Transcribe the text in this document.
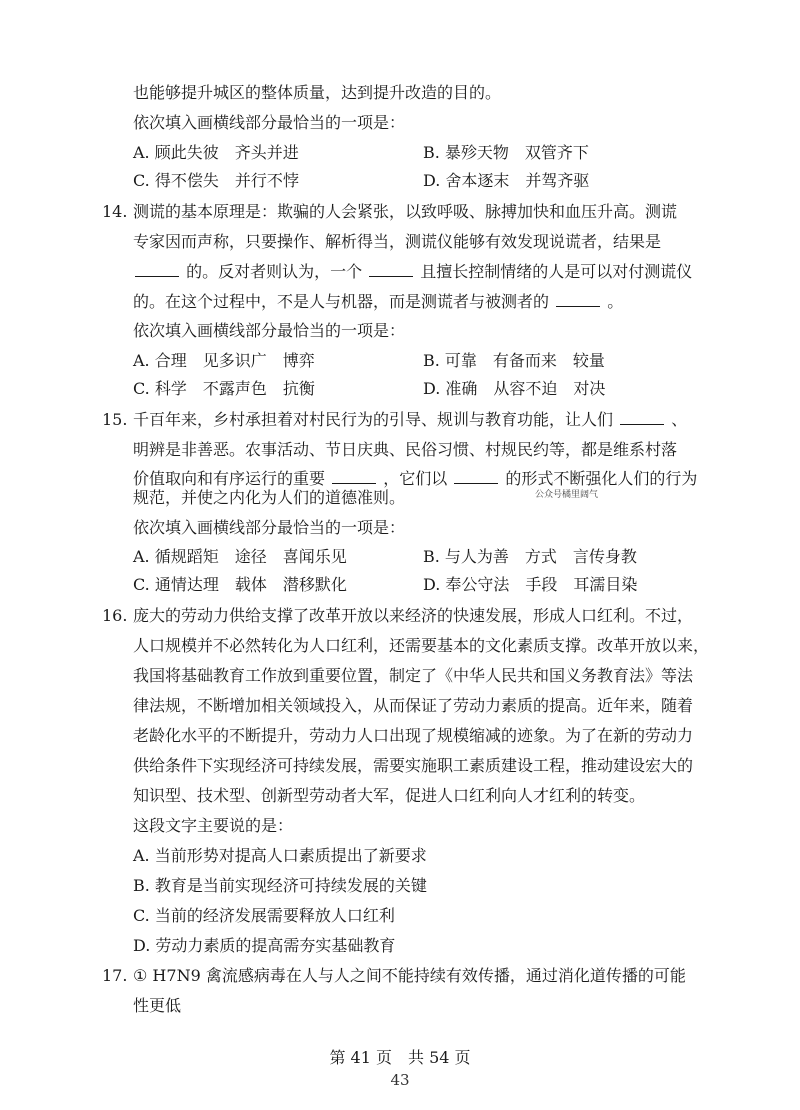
也能够提升城区的整体质量，达到提升改造的目的。
依次填入画横线部分最恰当的一项是：
A. 顾此失彼　齐头并进	B. 暴殄天物　双管齐下
C. 得不偿失　并行不悖	D. 舍本逐末　并驾齐驱
14. 测谎的基本原理是：欺骗的人会紧张，以致呼吸、脉搏加快和血压升高。测谎
专家因而声称，只要操作、解析得当，测谎仪能够有效发现说谎者，结果是
的。反对者则认为，一个	且擅长控制情绪的人是可以对付测谎仪
的。在这个过程中，不是人与机器，而是测谎者与被测者的	。
依次填入画横线部分最恰当的一项是：
A. 合理　见多识广　博弈	B. 可靠　有备而来　较量
C. 科学　不露声色　抗衡	D. 准确　从容不迫　对决
15. 千百年来，乡村承担着对村民行为的引导、规训与教育功能，让人们	、
明辨是非善恶。农事活动、节日庆典、民俗习惯、村规民约等，都是维系村落
价值取向和有序运行的重要	，它们以	的形式不断强化人们的行为
规范，并使之内化为人们的道德准则。	公众号橘里阔气
依次填入画横线部分最恰当的一项是：
A. 循规蹈矩　途径　喜闻乐见	B. 与人为善　方式　言传身教
C. 通情达理　载体　潜移默化	D. 奉公守法　手段　耳濡目染
16. 庞大的劳动力供给支撑了改革开放以来经济的快速发展，形成人口红利。不过，
人口规模并不必然转化为人口红利，还需要基本的文化素质支撑。改革开放以来，
我国将基础教育工作放到重要位置，制定了《中华人民共和国义务教育法》等法
律法规，不断增加相关领域投入，从而保证了劳动力素质的提高。近年来，随着
老龄化水平的不断提升，劳动力人口出现了规模缩减的迹象。为了在新的劳动力
供给条件下实现经济可持续发展，需要实施职工素质建设工程，推动建设宏大的
知识型、技术型、创新型劳动者大军，促进人口红利向人才红利的转变。
这段文字主要说的是：
A. 当前形势对提高人口素质提出了新要求
B. 教育是当前实现经济可持续发展的关键
C. 当前的经济发展需要释放人口红利
D. 劳动力素质的提高需夯实基础教育
17. ① H7N9 禽流感病毒在人与人之间不能持续有效传播，通过消化道传播的可能
性更低
第 41 页　共 54 页
43
